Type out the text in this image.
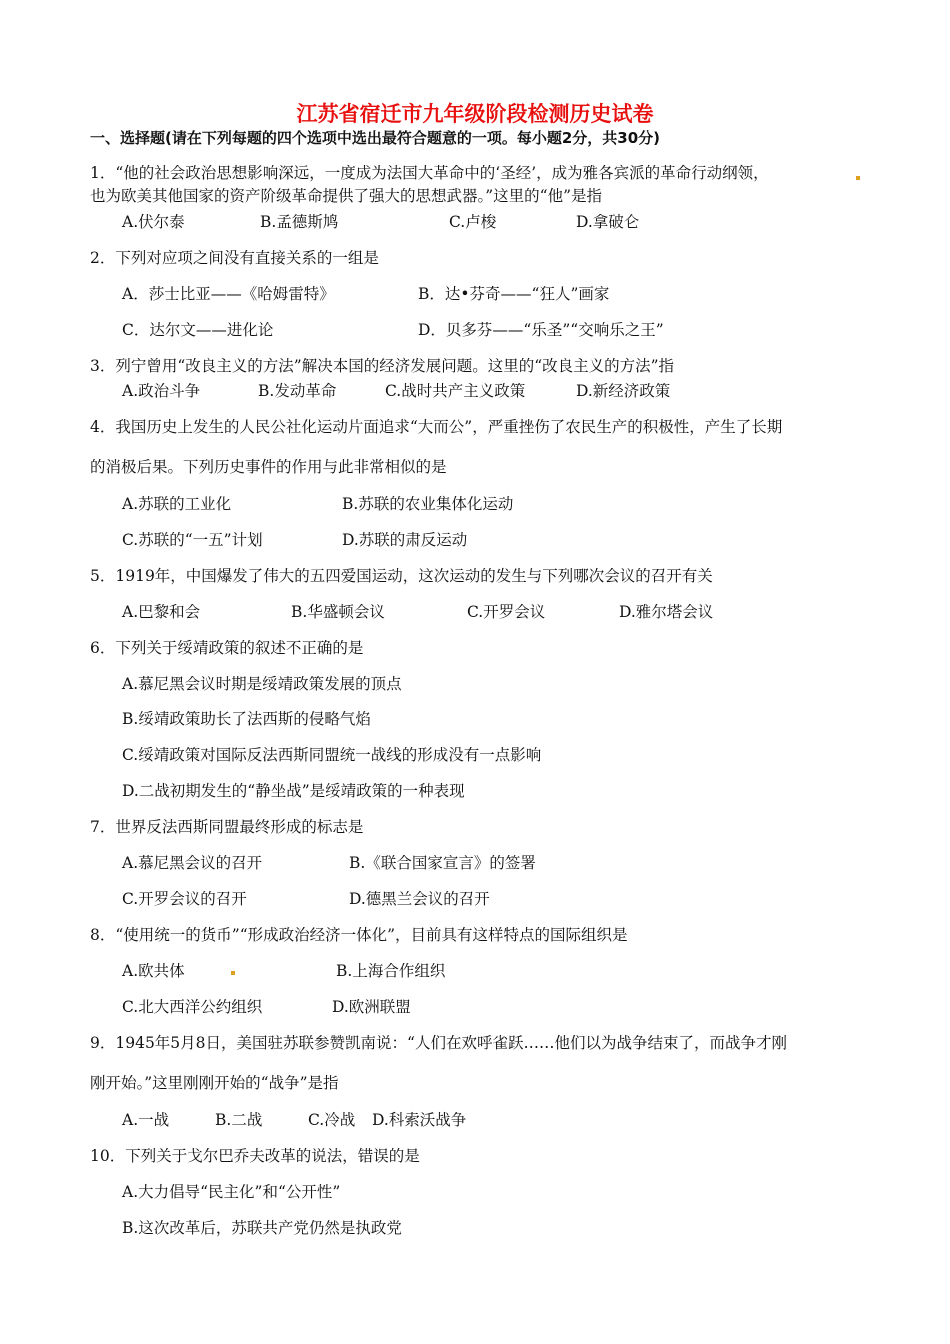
江苏省宿迁市九年级阶段检测历史试卷
一、选择题(请在下列每题的四个选项中选出最符合题意的一项。每小题2分，共30分)
1．“他的社会政治思想影响深远，一度成为法国大革命中的‘圣经’，成为雅各宾派的革命行动纲领，
也为欧美其他国家的资产阶级革命提供了强大的思想武器。”这里的“他”是指
A.伏尔泰	B.孟德斯鸠	C.卢梭	D.拿破仑
2．下列对应项之间没有直接关系的一组是
A．莎士比亚——《哈姆雷特》	B．达•芬奇——“狂人”画家
C．达尔文——进化论	D．贝多芬——“乐圣”“交响乐之王”
3．列宁曾用“改良主义的方法”解决本国的经济发展问题。这里的“改良主义的方法”指
A.政治斗争	B.发动革命	C.战时共产主义政策	D.新经济政策
4．我国历史上发生的人民公社化运动片面追求“大而公”，严重挫伤了农民生产的积极性，产生了长期
的消极后果。下列历史事件的作用与此非常相似的是
A.苏联的工业化	B.苏联的农业集体化运动
C.苏联的“一五”计划	D.苏联的肃反运动
5．1919年，中国爆发了伟大的五四爱国运动，这次运动的发生与下列哪次会议的召开有关
A.巴黎和会	B.华盛顿会议	C.开罗会议	D.雅尔塔会议
6．下列关于绥靖政策的叙述不正确的是
A.慕尼黑会议时期是绥靖政策发展的顶点
B.绥靖政策助长了法西斯的侵略气焰
C.绥靖政策对国际反法西斯同盟统一战线的形成没有一点影响
D.二战初期发生的“静坐战”是绥靖政策的一种表现
7．世界反法西斯同盟最终形成的标志是
A.慕尼黑会议的召开	B.《联合国家宣言》的签署
C.开罗会议的召开	D.德黑兰会议的召开
8．“使用统一的货币”“形成政治经济一体化”，目前具有这样特点的国际组织是
A.欧共体	B.上海合作组织
C.北大西洋公约组织	D.欧洲联盟
9．1945年5月8日，美国驻苏联参赞凯南说：“人们在欢呼雀跃……他们以为战争结束了，而战争才刚
刚开始。”这里刚刚开始的“战争”是指
A.一战	B.二战	C.冷战 D.科索沃战争
10．下列关于戈尔巴乔夫改革的说法，错误的是
A.大力倡导“民主化”和“公开性”
B.这次改革后，苏联共产党仍然是执政党
